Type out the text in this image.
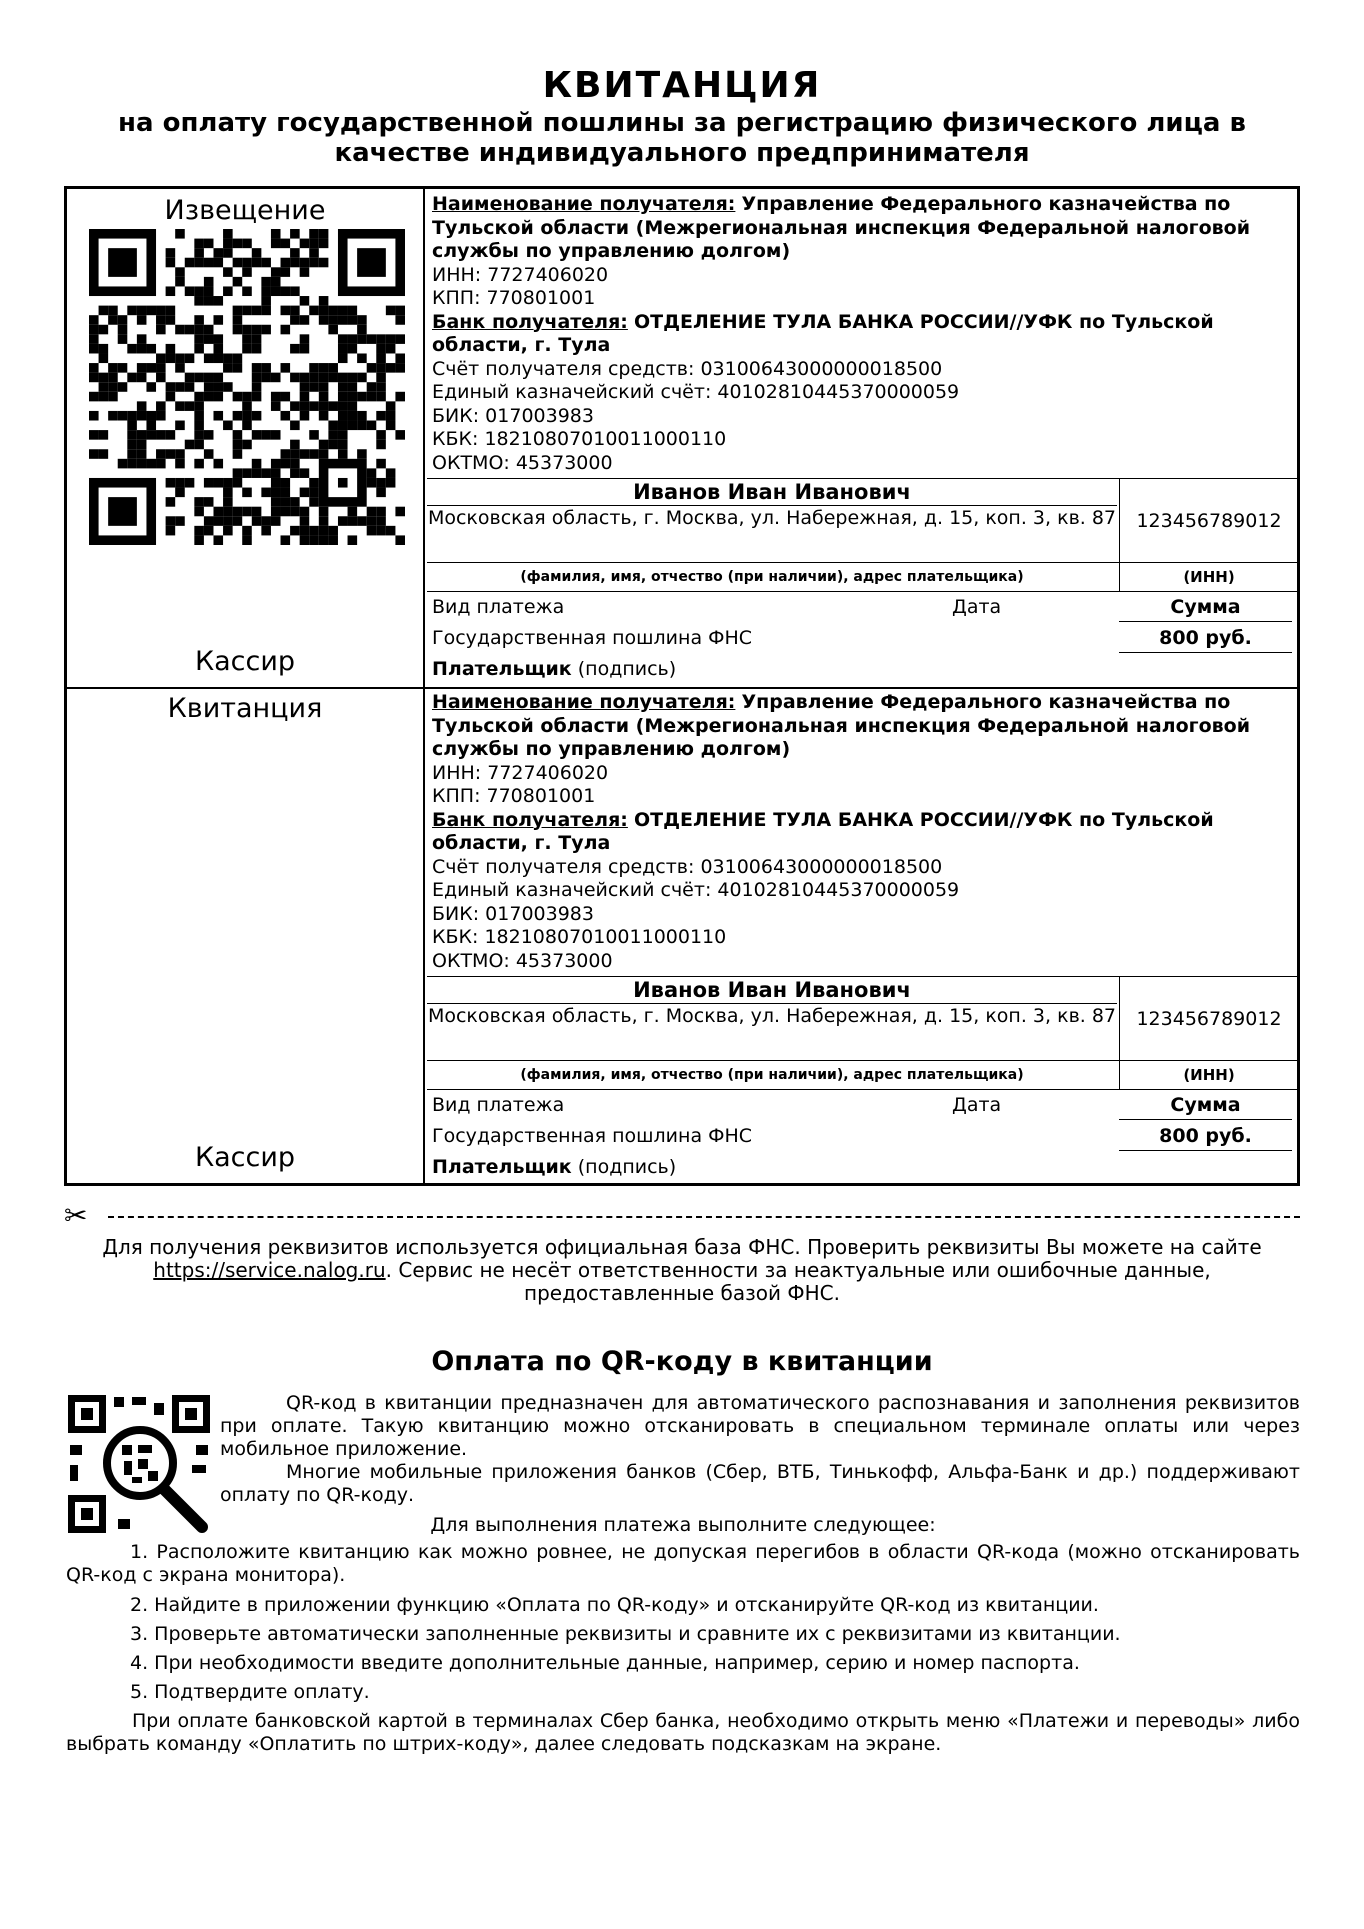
КВИТАНЦИЯ
на оплату государственной пошлины за регистрацию физического лица в качестве индивидуального предпринимателя
Извещение
Кассир
Наименование получателя: Управление Федерального казначейства по Тульской области (Межрегиональная инспекция Федеральной налоговой службы по управлению долгом)
ИНН: 7727406020
КПП: 770801001
Банк получателя: ОТДЕЛЕНИЕ ТУЛА БАНКА РОССИИ//УФК по Тульской области, г. Тула
Счёт получателя средств: 03100643000000018500
Единый казначейский счёт: 40102810445370000059
БИК: 017003983
КБК: 18210807010011000110
ОКТМО: 45373000
Иванов Иван Иванович
Московская область, г. Москва, ул. Набережная, д. 15, коп. 3, кв. 87	123456789012
(фамилия, имя, отчество (при наличии), адрес плательщика)	(ИНН)
Вид платежа	Дата	Сумма
Государственная пошлина ФНС	800 руб.
Плательщик (подпись)
Квитанция
Кассир
Наименование получателя: Управление Федерального казначейства по Тульской области (Межрегиональная инспекция Федеральной налоговой службы по управлению долгом)
ИНН: 7727406020
КПП: 770801001
Банк получателя: ОТДЕЛЕНИЕ ТУЛА БАНКА РОССИИ//УФК по Тульской области, г. Тула
Счёт получателя средств: 03100643000000018500
Единый казначейский счёт: 40102810445370000059
БИК: 017003983
КБК: 18210807010011000110
ОКТМО: 45373000
Иванов Иван Иванович
Московская область, г. Москва, ул. Набережная, д. 15, коп. 3, кв. 87	123456789012
(фамилия, имя, отчество (при наличии), адрес плательщика)	(ИНН)
Вид платежа	Дата	Сумма
Государственная пошлина ФНС	800 руб.
Плательщик (подпись)
✂
Для получения реквизитов используется официальная база ФНС. Проверить реквизиты Вы можете на сайте https://service.nalog.ru. Сервис не несёт ответственности за неактуальные или ошибочные данные, предоставленные базой ФНС.
Оплата по QR-коду в квитанции
QR-код в квитанции предназначен для автоматического распознавания и заполнения реквизитов при оплате. Такую квитанцию можно отсканировать в специальном терминале оплаты или через мобильное приложение.
Многие мобильные приложения банков (Сбер, ВТБ, Тинькофф, Альфа-Банк и др.) поддерживают оплату по QR-коду.
Для выполнения платежа выполните следующее:
1. Расположите квитанцию как можно ровнее, не допуская перегибов в области QR-кода (можно отсканировать QR-код с экрана монитора).
2. Найдите в приложении функцию «Оплата по QR-коду» и отсканируйте QR-код из квитанции.
3. Проверьте автоматически заполненные реквизиты и сравните их с реквизитами из квитанции.
4. При необходимости введите дополнительные данные, например, серию и номер паспорта.
5. Подтвердите оплату.
При оплате банковской картой в терминалах Сбер банка, необходимо открыть меню «Платежи и переводы» либо выбрать команду «Оплатить по штрих-коду», далее следовать подсказкам на экране.
